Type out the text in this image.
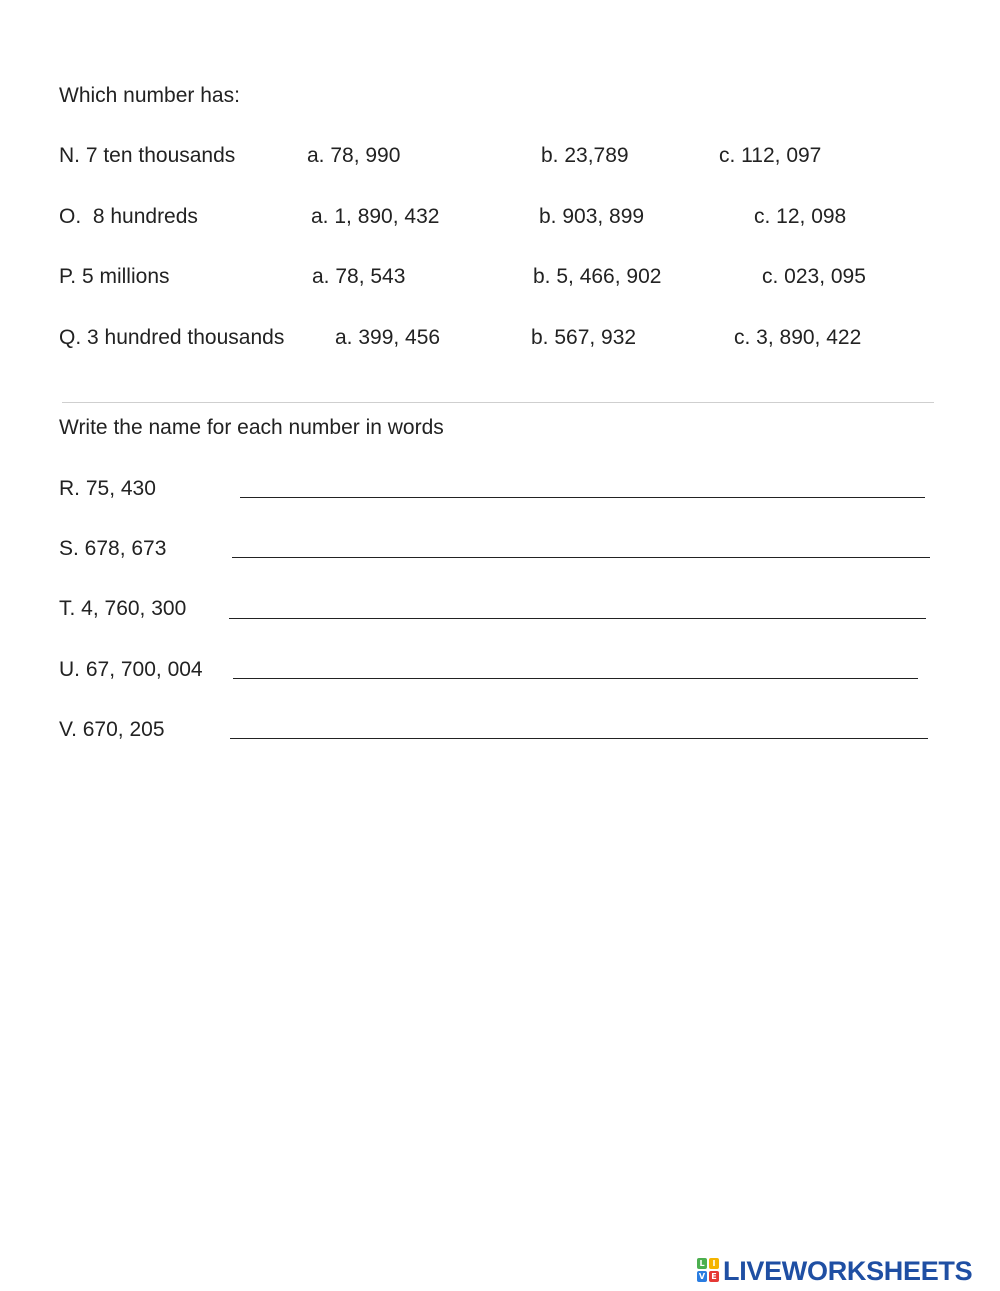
Which number has:
N. 7 ten thousands	a. 78, 990	b. 23,789	c. 112, 097
O.  8 hundreds	a. 1, 890, 432	b. 903, 899	c. 12, 098
P. 5 millions	a. 78, 543	b. 5, 466, 902	c. 023, 095
Q. 3 hundred thousands a. 399, 456	b. 567, 932	c. 3, 890, 422
Write the name for each number in words
R. 75, 430
S. 678, 673
T. 4, 760, 300
U. 67, 700, 004
V. 670, 205
L I
V E LIVEWORKSHEETS
